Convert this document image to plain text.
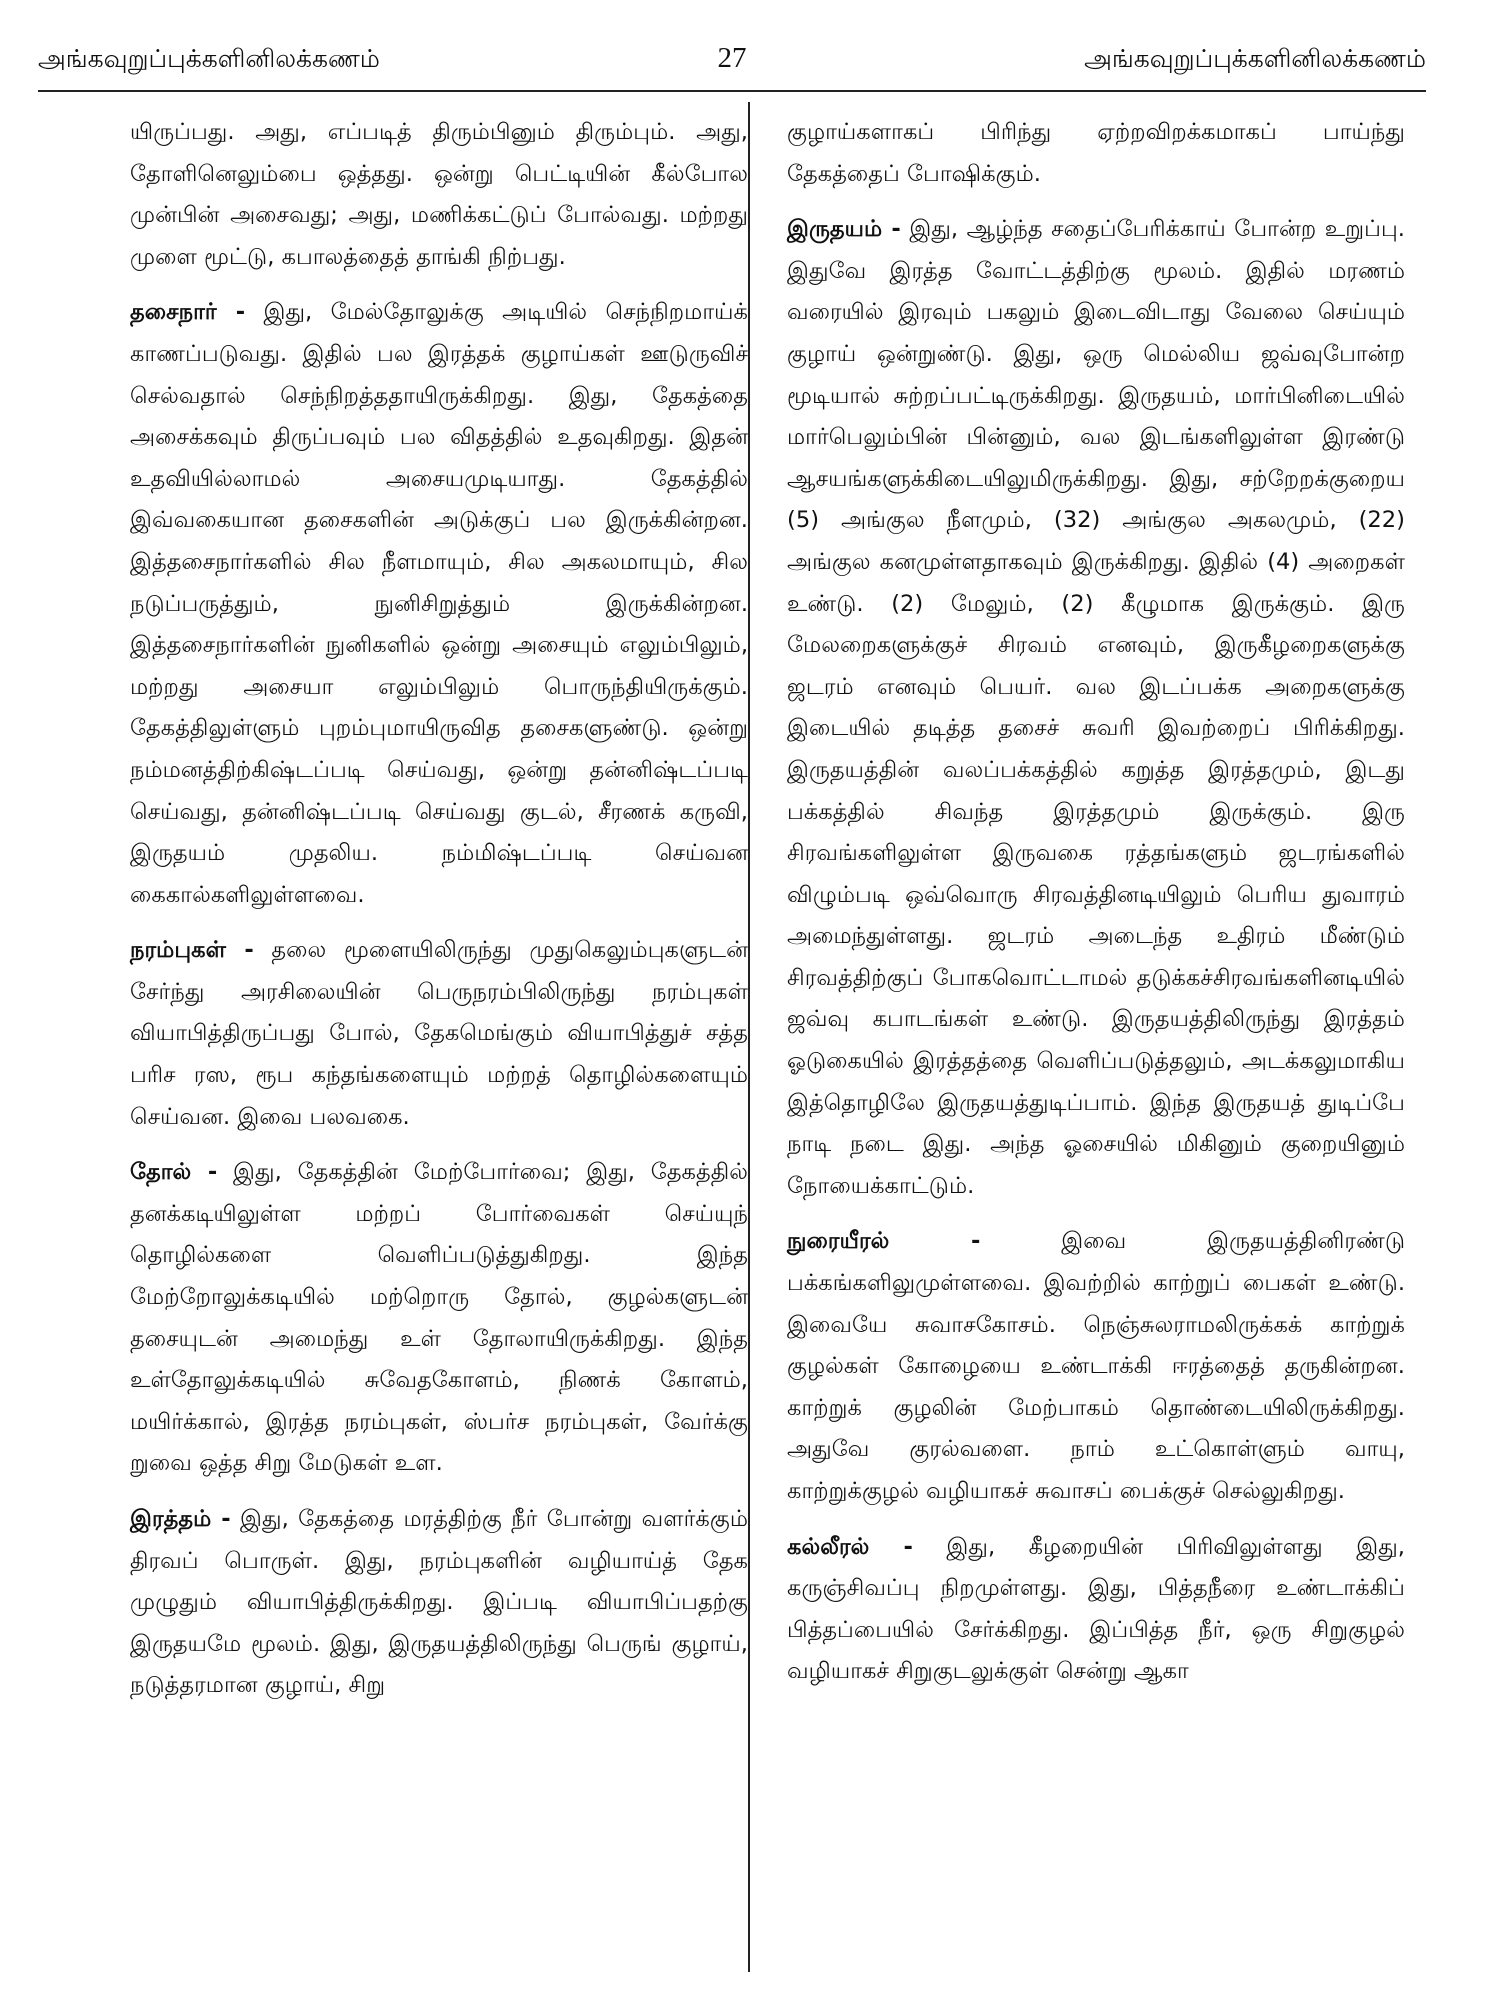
அங்கவுறுப்புக்களினிலக்கணம்	27	அங்கவுறுப்புக்களினிலக்கணம்

யிருப்பது. அது, எப்படித் திரும்பினும் திரும்பும். அது, தோளினெலும்பை ஒத்தது. ஒன்று பெட்டியின் கீல்போல முன்பின் அசைவது; அது, மணிக்கட்டுப் போல்வது. மற்றது முளை மூட்டு, கபாலத்தைத் தாங்கி நிற்பது.

தசைநார் - இது, மேல்தோலுக்கு அடியில் செந்நிறமாய்க் காணப்படுவது. இதில் பல இரத்தக் குழாய்கள் ஊடுருவிச் செல்வதால் செந்நிறத்ததாயிருக்கிறது. இது, தேகத்தை அசைக்கவும் திருப்பவும் பல விதத்தில் உதவுகிறது. இதன் உதவியில்லாமல் அசையமுடியாது. தேகத்தில் இவ்வகையான தசைகளின் அடுக்குப் பல இருக்கின்றன. இத்தசைநார்களில் சில நீளமாயும், சில அகலமாயும், சில நடுப்பருத்தும், நுனிசிறுத்தும் இருக்கின்றன. இத்தசைநார்களின் நுனிகளில் ஒன்று அசையும் எலும்பிலும், மற்றது அசையா எலும்பிலும் பொருந்தியிருக்கும். தேகத்திலுள்ளும் புறம்புமாயிருவித தசைகளுண்டு. ஒன்று நம்மனத்திற்கிஷ்டப்படி செய்வது, ஒன்று தன்னிஷ்டப்படி செய்வது, தன்னிஷ்டப்படி செய்வது குடல், சீரணக் கருவி, இருதயம் முதலிய. நம்மிஷ்டப்படி செய்வன கைகால்களிலுள்ளவை.

நரம்புகள் - தலை மூளையிலிருந்து முதுகெலும்புகளுடன் சேர்ந்து அரசிலையின் பெருநரம்பிலிருந்து நரம்புகள் வியாபித்திருப்பது போல், தேகமெங்கும் வியாபித்துச் சத்த பரிச ரஸ, ரூப கந்தங்களையும் மற்றத் தொழில்களையும் செய்வன. இவை பலவகை.

தோல் - இது, தேகத்தின் மேற்போர்வை; இது, தேகத்தில் தனக்கடியிலுள்ள மற்றப் போர்வைகள் செய்யுந் தொழில்களை வெளிப்படுத்துகிறது. இந்த மேற்றோலுக்கடியில் மற்றொரு தோல், குழல்களுடன் தசையுடன் அமைந்து உள் தோலாயிருக்கிறது. இந்த உள்தோலுக்கடியில் சுவேதகோளம், நிணக் கோளம், மயிர்க்கால், இரத்த நரம்புகள், ஸ்பர்ச நரம்புகள், வேர்க்கு றுவை ஒத்த சிறு மேடுகள் உள.

இரத்தம் - இது, தேகத்தை மரத்திற்கு நீர் போன்று வளர்க்கும் திரவப் பொருள். இது, நரம்புகளின் வழியாய்த் தேக முழுதும் வியாபித்திருக்கிறது. இப்படி வியாபிப்பதற்கு இருதயமே மூலம். இது, இருதயத்திலிருந்து பெருங் குழாய், நடுத்தரமான குழாய், சிறு

குழாய்களாகப் பிரிந்து ஏற்றவிறக்கமாகப் பாய்ந்து தேகத்தைப் போஷிக்கும்.

இருதயம் - இது, ஆழ்ந்த சதைப்பேரிக்காய் போன்ற உறுப்பு. இதுவே இரத்த வோட்டத்திற்கு மூலம். இதில் மரணம் வரையில் இரவும் பகலும் இடைவிடாது வேலை செய்யும் குழாய் ஒன்றுண்டு. இது, ஒரு மெல்லிய ஜவ்வுபோன்ற மூடியால் சுற்றப்பட்டிருக்கிறது. இருதயம், மார்பினிடையில் மார்பெலும்பின் பின்னும், வல இடங்களிலுள்ள இரண்டு ஆசயங்களுக்கிடையிலுமிருக்கிறது. இது, சற்றேறக்குறைய (5) அங்குல நீளமும், (32) அங்குல அகலமும், (22) அங்குல கனமுள்ளதாகவும் இருக்கிறது. இதில் (4) அறைகள் உண்டு. (2) மேலும், (2) கீழுமாக இருக்கும். இரு மேலறைகளுக்குச் சிரவம் எனவும், இருகீழறைகளுக்கு ஜடரம் எனவும் பெயர். வல இடப்பக்க அறைகளுக்கு இடையில் தடித்த தசைச் சுவரி இவற்றைப் பிரிக்கிறது. இருதயத்தின் வலப்பக்கத்தில் கறுத்த இரத்தமும், இடது பக்கத்தில் சிவந்த இரத்தமும் இருக்கும். இரு சிரவங்களிலுள்ள இருவகை ரத்தங்களும் ஜடரங்களில் விழும்படி ஒவ்வொரு சிரவத்தினடியிலும் பெரிய துவாரம் அமைந்துள்ளது. ஜடரம் அடைந்த உதிரம் மீண்டும் சிரவத்திற்குப் போகவொட்டாமல் தடுக்கச்சிரவங்களினடியில் ஜவ்வு கபாடங்கள் உண்டு. இருதயத்திலிருந்து இரத்தம் ஓடுகையில் இரத்தத்தை வெளிப்படுத்தலும், அடக்கலுமாகிய இத்தொழிலே இருதயத்துடிப்பாம். இந்த இருதயத் துடிப்பே நாடி நடை இது. அந்த ஓசையில் மிகினும் குறையினும் நோயைக்காட்டும்.

நுரையீரல் - இவை இருதயத்தினிரண்டு பக்கங்களிலுமுள்ளவை. இவற்றில் காற்றுப் பைகள் உண்டு. இவையே சுவாசகோசம். நெஞ்சுலராமலிருக்கக் காற்றுக் குழல்கள் கோழையை உண்டாக்கி ஈரத்தைத் தருகின்றன. காற்றுக் குழலின் மேற்பாகம் தொண்டையிலிருக்கிறது. அதுவே குரல்வளை. நாம் உட்கொள்ளும் வாயு, காற்றுக்குழல் வழியாகச் சுவாசப் பைக்குச் செல்லுகிறது.

கல்லீரல் - இது, கீழறையின் பிரிவிலுள்ளது இது, கருஞ்சிவப்பு நிறமுள்ளது. இது, பித்தநீரை உண்டாக்கிப் பித்தப்பையில் சேர்க்கிறது. இப்பித்த நீர், ஒரு சிறுகுழல் வழியாகச் சிறுகுடலுக்குள் சென்று ஆகா
